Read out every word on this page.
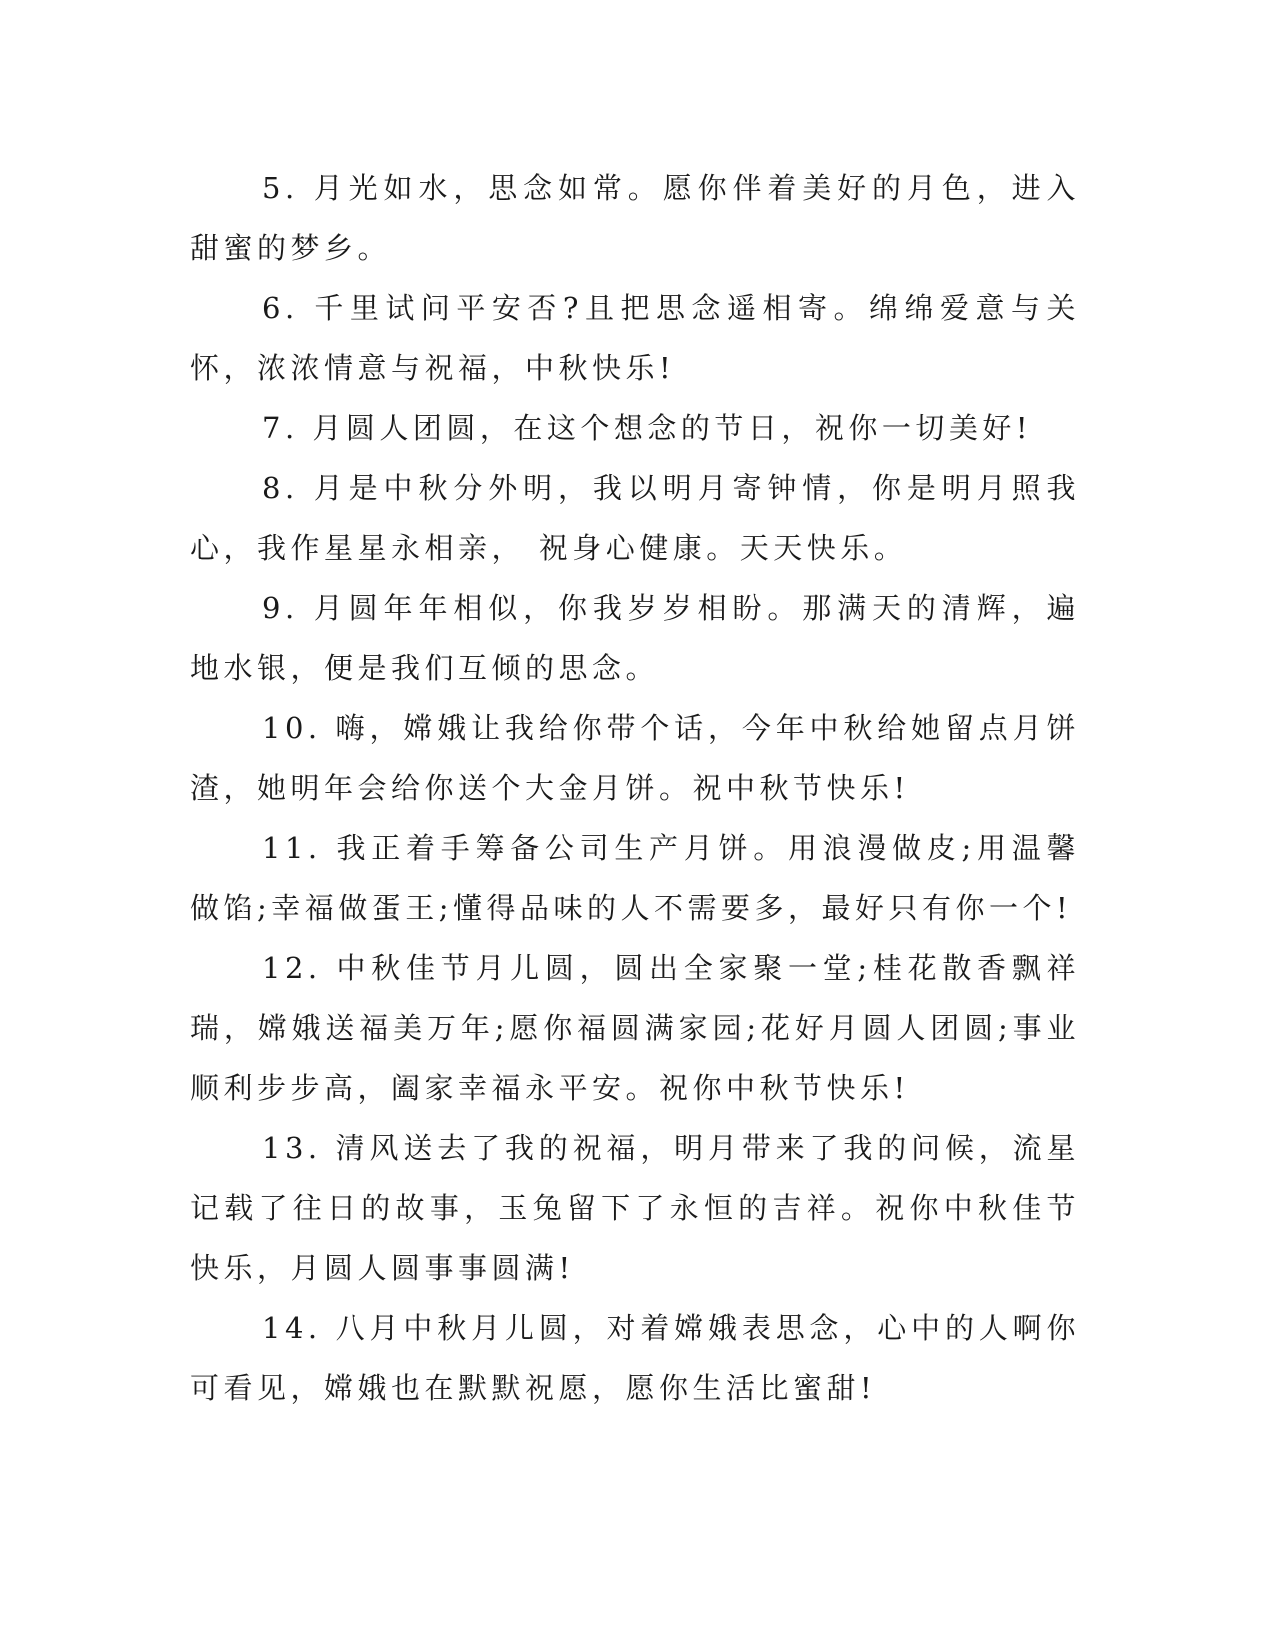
5. 月光如水，思念如常。愿你伴着美好的月色，进入甜蜜的梦乡。

6. 千里试问平安否?且把思念遥相寄。绵绵爱意与关怀，浓浓情意与祝福，中秋快乐!

7. 月圆人团圆，在这个想念的节日，祝你一切美好!

8. 月是中秋分外明，我以明月寄钟情，你是明月照我心，我作星星永相亲， 祝身心健康。天天快乐。

9. 月圆年年相似，你我岁岁相盼。那满天的清辉，遍地水银，便是我们互倾的思念。

10. 嗨，嫦娥让我给你带个话，今年中秋给她留点月饼渣，她明年会给你送个大金月饼。祝中秋节快乐!

11. 我正着手筹备公司生产月饼。用浪漫做皮;用温馨做馅;幸福做蛋王;懂得品味的人不需要多，最好只有你一个!

12. 中秋佳节月儿圆，圆出全家聚一堂;桂花散香飘祥瑞，嫦娥送福美万年;愿你福圆满家园;花好月圆人团圆;事业顺利步步高，阖家幸福永平安。祝你中秋节快乐!

13. 清风送去了我的祝福，明月带来了我的问候，流星记载了往日的故事，玉兔留下了永恒的吉祥。祝你中秋佳节快乐，月圆人圆事事圆满!

14. 八月中秋月儿圆，对着嫦娥表思念，心中的人啊你可看见，嫦娥也在默默祝愿，愿你生活比蜜甜!
